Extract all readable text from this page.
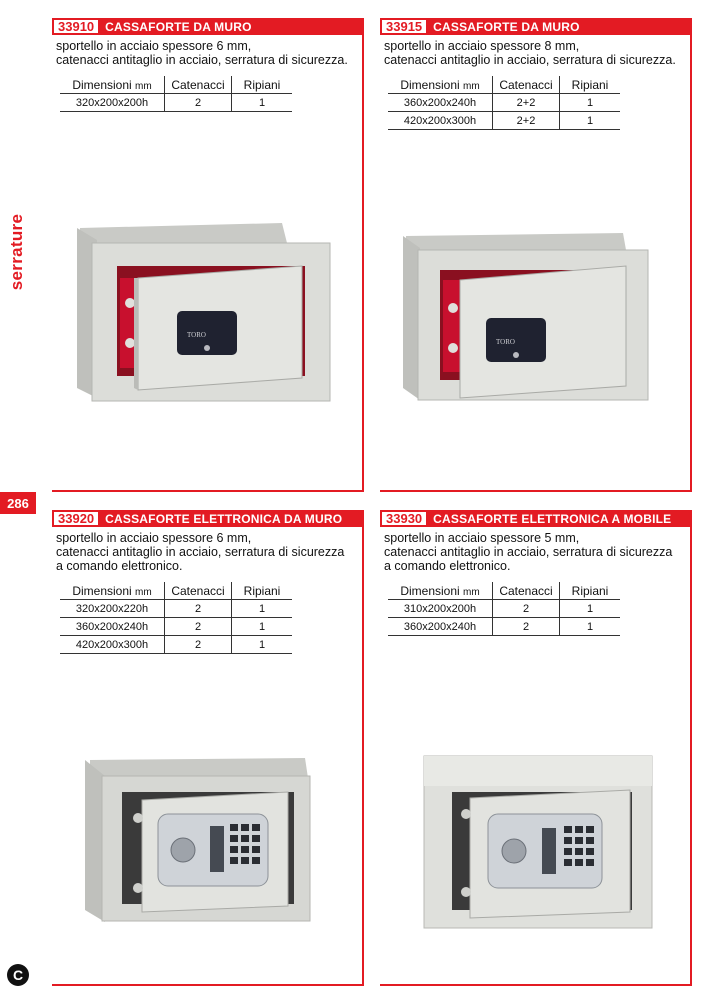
serrature
286
C
33910 CASSAFORTE DA MURO
sportello in acciaio spessore 6 mm,
catenacci antitaglio in acciaio, serratura di sicurezza.
Dimensioni mm	Catenacci	Ripiani
320x200x200h	2	1
TORO
33915 CASSAFORTE DA MURO
sportello in acciaio spessore 8 mm,
catenacci antitaglio in acciaio, serratura di sicurezza.
Dimensioni mm	Catenacci	Ripiani
360x200x240h	2+2	1
420x200x300h	2+2	1
TORO
33920 CASSAFORTE ELETTRONICA DA MURO
sportello in acciaio spessore 6 mm,
catenacci antitaglio in acciaio, serratura di sicurezza
a comando elettronico.
Dimensioni mm	Catenacci	Ripiani
320x200x220h	2	1
360x200x240h	2	1
420x200x300h	2	1
33930 CASSAFORTE ELETTRONICA A MOBILE
sportello in acciaio spessore 5 mm,
catenacci antitaglio in acciaio, serratura di sicurezza
a comando elettronico.
Dimensioni mm	Catenacci	Ripiani
310x200x200h	2	1
360x200x240h	2	1
